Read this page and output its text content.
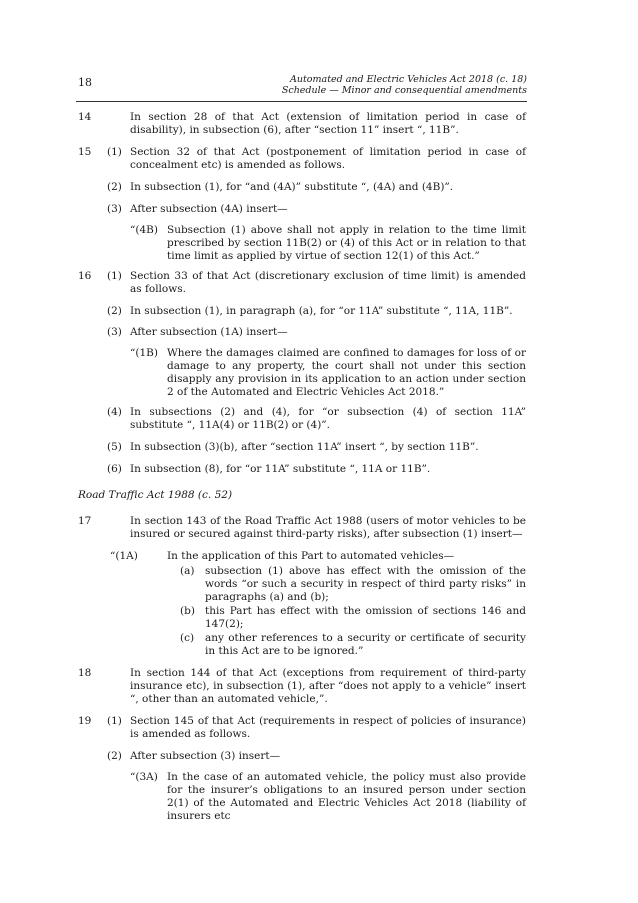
18	Automated and Electric Vehicles Act 2018 (c. 18)
Schedule — Minor and consequential amendments
14	In section 28 of that Act (extension of limitation period in case of disability), in subsection (6), after “section 11” insert “, 11B”.
15 (1) Section 32 of that Act (postponement of limitation period in case of concealment etc) is amended as follows.
(2) In subsection (1), for “and (4A)” substitute “, (4A) and (4B)”.
(3) After subsection (4A) insert—
“(4B) Subsection (1) above shall not apply in relation to the time limit prescribed by section 11B(2) or (4) of this Act or in relation to that time limit as applied by virtue of section 12(1) of this Act.”
16 (1) Section 33 of that Act (discretionary exclusion of time limit) is amended as follows.
(2) In subsection (1), in paragraph (a), for “or 11A” substitute “, 11A, 11B”.
(3) After subsection (1A) insert—
“(1B) Where the damages claimed are confined to damages for loss of or damage to any property, the court shall not under this section disapply any provision in its application to an action under section 2 of the Automated and Electric Vehicles Act 2018.”
(4) In subsections (2) and (4), for “or subsection (4) of section 11A” substitute “, 11A(4) or 11B(2) or (4)”.
(5) In subsection (3)(b), after “section 11A” insert “, by section 11B”.
(6) In subsection (8), for “or 11A” substitute “, 11A or 11B”.
Road Traffic Act 1988 (c. 52)
17	In section 143 of the Road Traffic Act 1988 (users of motor vehicles to be insured or secured against third-party risks), after subsection (1) insert—
“(1A)	In the application of this Part to automated vehicles—
(a) subsection (1) above has effect with the omission of the words “or such a security in respect of third party risks” in paragraphs (a) and (b);
(b) this Part has effect with the omission of sections 146 and 147(2);
(c) any other references to a security or certificate of security in this Act are to be ignored.”
18	In section 144 of that Act (exceptions from requirement of third-party insurance etc), in subsection (1), after “does not apply to a vehicle” insert “, other than an automated vehicle,”.
19 (1) Section 145 of that Act (requirements in respect of policies of insurance) is amended as follows.
(2) After subsection (3) insert—
“(3A) In the case of an automated vehicle, the policy must also provide for the insurer’s obligations to an insured person under section 2(1) of the Automated and Electric Vehicles Act 2018 (liability of insurers etc
